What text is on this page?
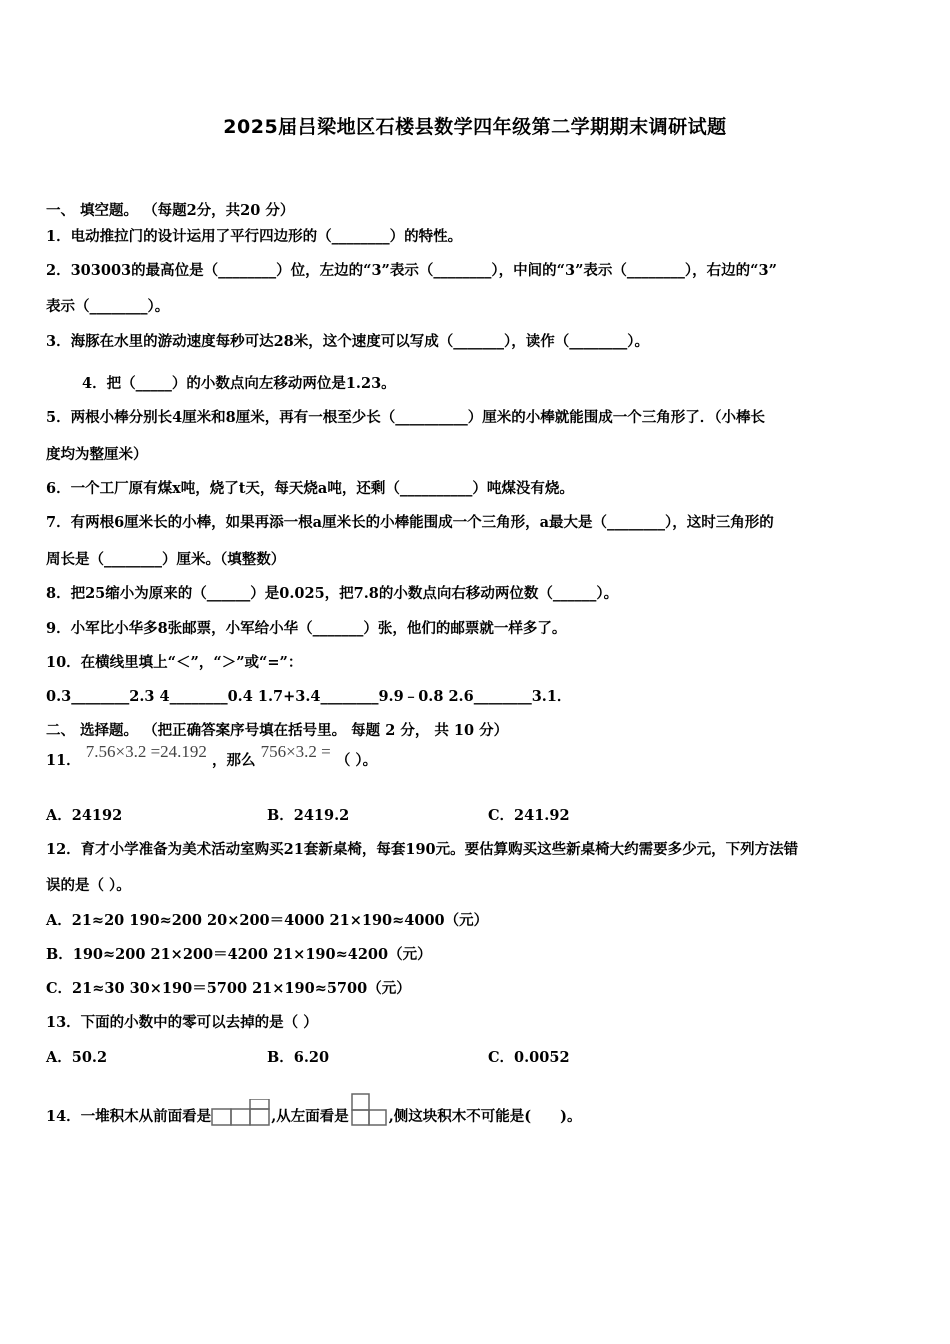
2025届吕梁地区石楼县数学四年级第二学期期末调研试题
一、 填空题。 （每题2分，共20 分）
1．电动推拉门的设计运用了平行四边形的（________）的特性。
2．303003的最高位是（________）位，左边的“3”表示（________），中间的“3”表示（________），右边的“3”
表示（________）。
3．海豚在水里的游动速度每秒可达28米，这个速度可以写成（_______），读作（________）。
4．把（_____）的小数点向左移动两位是1.23。
5．两根小棒分别长4厘米和8厘米，再有一根至少长（__________）厘米的小棒就能围成一个三角形了．（小棒长
度均为整厘米）
6．一个工厂原有煤x吨，烧了t天，每天烧a吨，还剩（__________）吨煤没有烧。
7．有两根6厘米长的小棒，如果再添一根a厘米长的小棒能围成一个三角形，a最大是（________），这时三角形的
周长是（________）厘米。（填整数）
8．把25缩小为原来的（______）是0.025，把7.8的小数点向右移动两位数（______）。
9．小军比小华多8张邮票，小军给小华（_______）张，他们的邮票就一样多了。
10．在横线里填上“＜”，“＞”或“=”：
0.3________2.3 4________0.4 1.7+3.4________9.9﹣0.8 2.6________3.1．
二、 选择题。 （把正确答案序号填在括号里。 每题 2 分， 共 10 分）
11． 7.56×3.2 =24.192 ，那么 756×3.2 = （ ）。
A．24192	B．2419.2	C．241.92
12．育才小学准备为美术活动室购买21套新桌椅，每套190元。要估算购买这些新桌椅大约需要多少元，下列方法错
误的是（ ）。
A．21≈20 190≈200 20×200＝4000 21×190≈4000（元）
B．190≈200 21×200＝4200 21×190≈4200（元）
C．21≈30 30×190＝5700 21×190≈5700（元）
13．下面的小数中的零可以去掉的是（ ）
A．50.2	B．6.20	C．0.0052
14．一堆积木从前面看是	,从左面看是	,侧这块积木不可能是(　　)。
